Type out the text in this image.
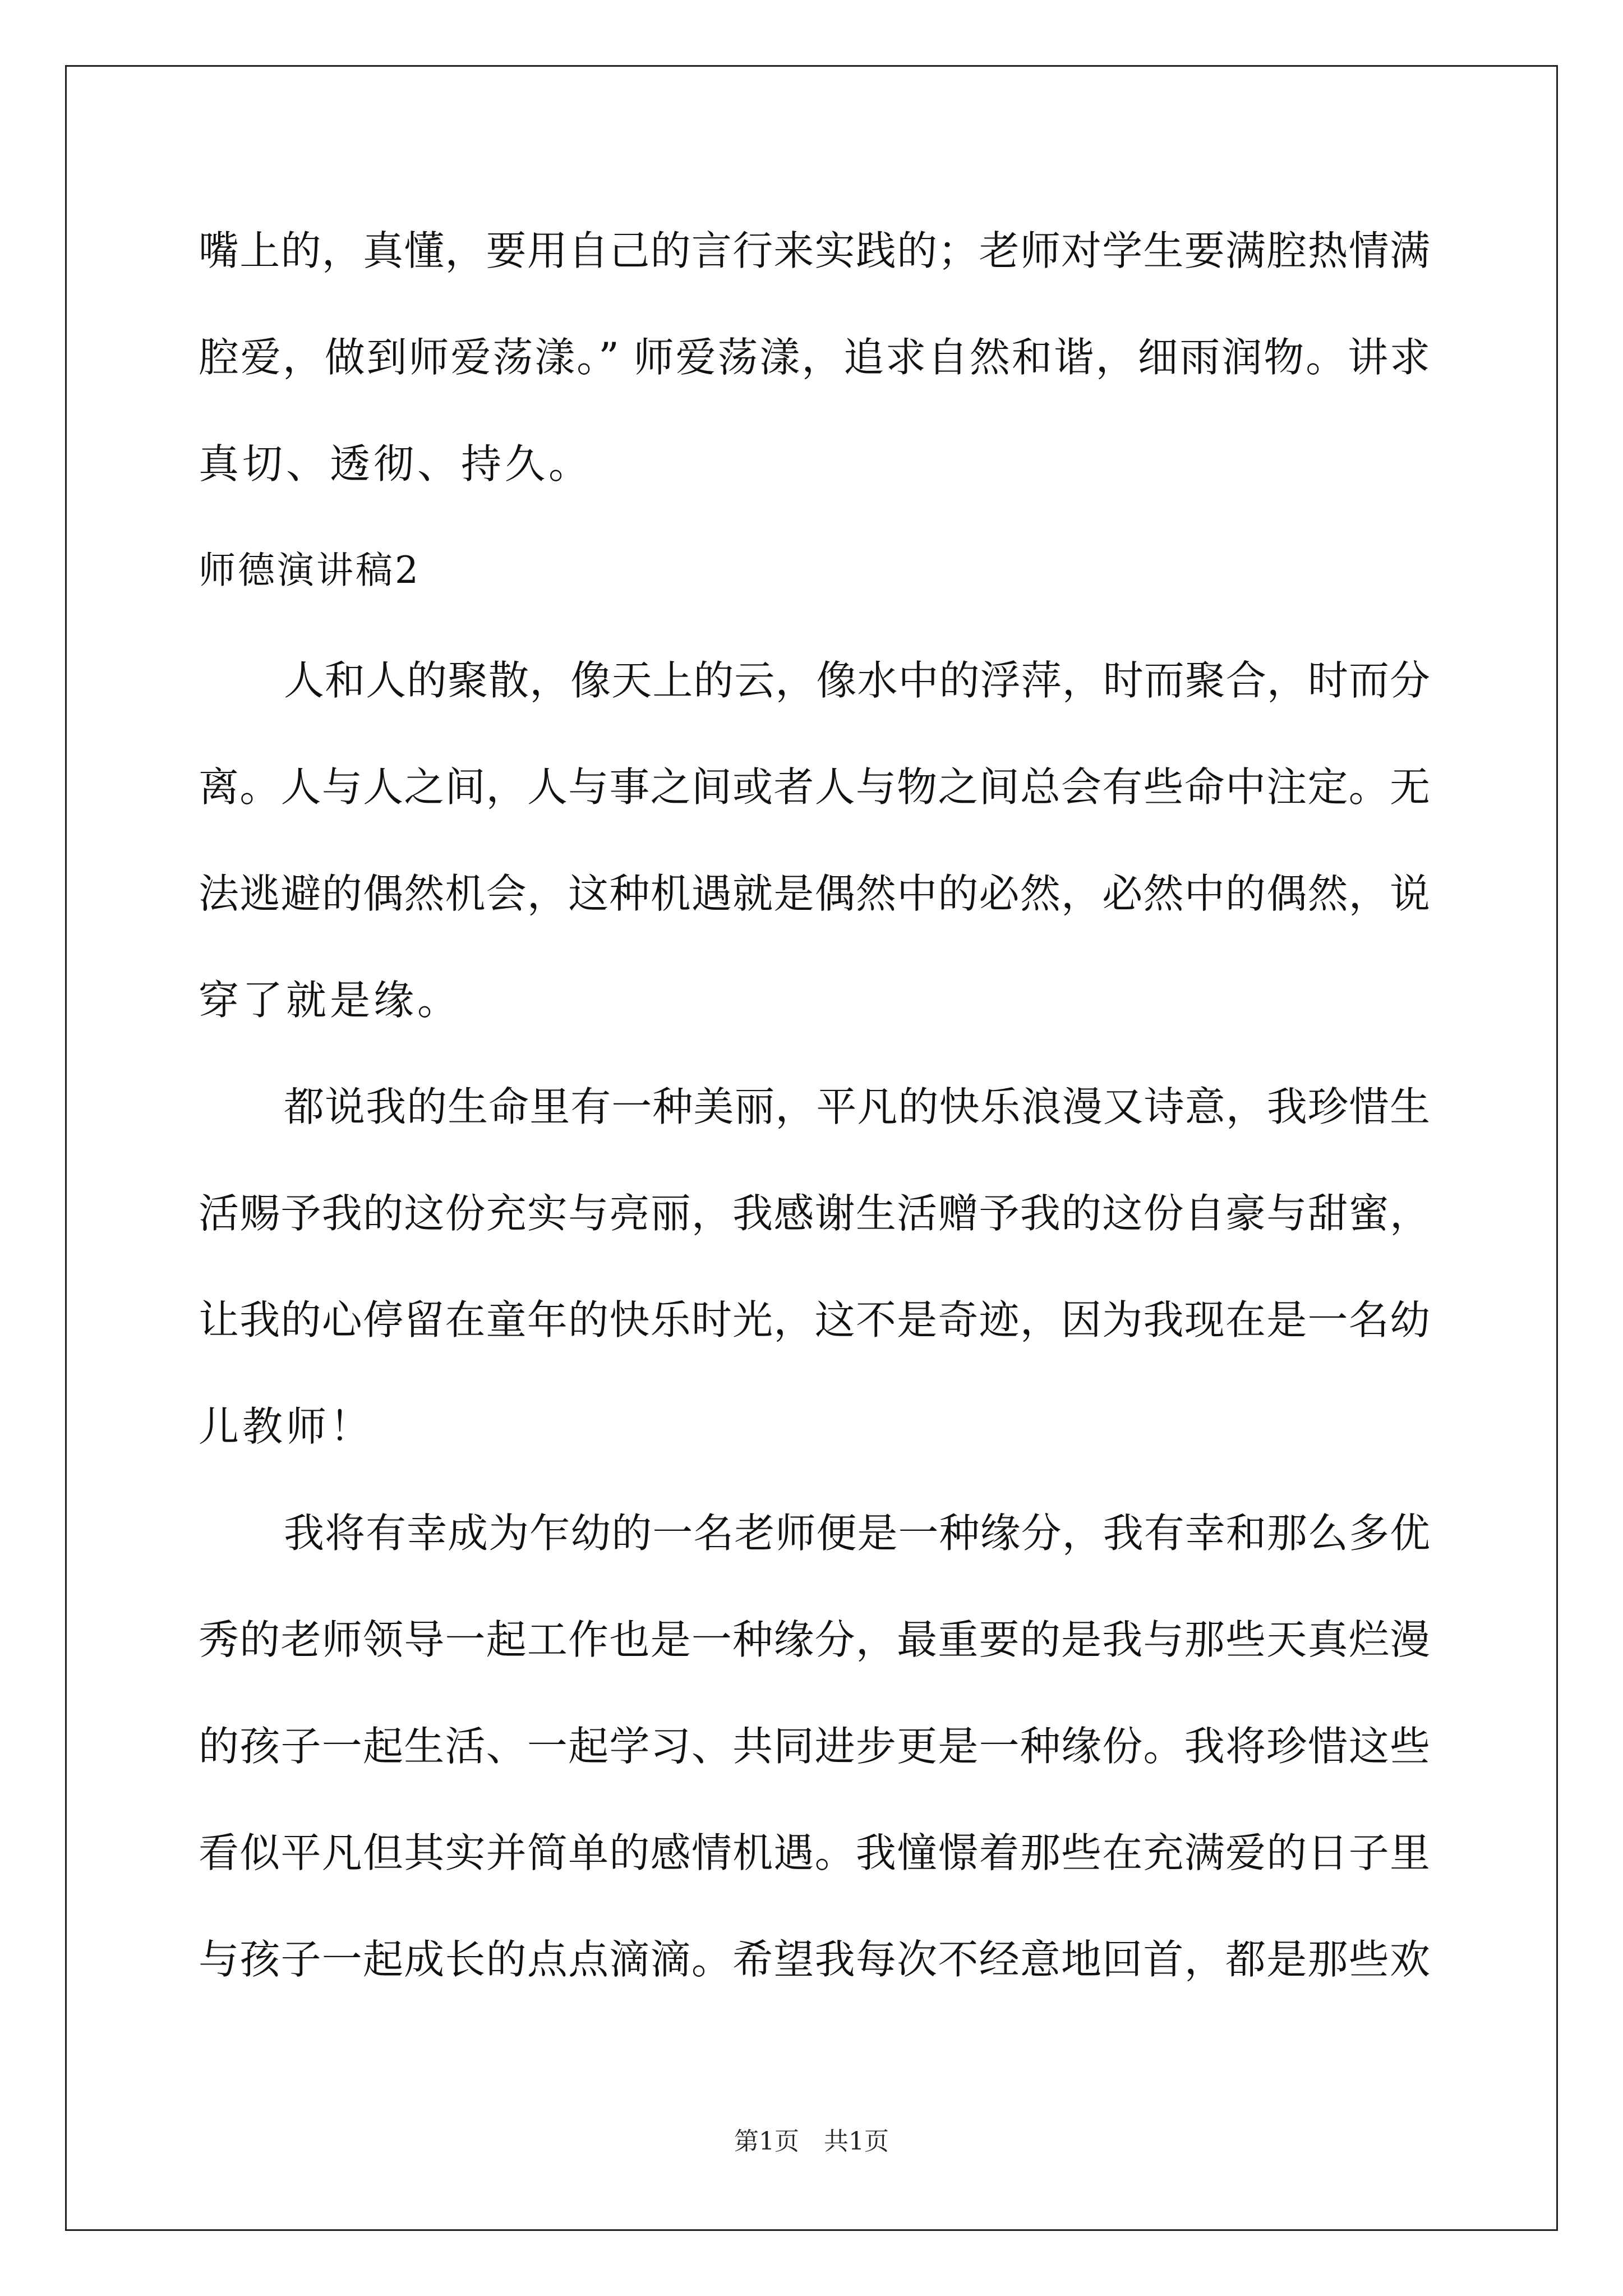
嘴上的，真懂，要用自己的言行来实践的；老师对学生要满腔热情满
腔爱，做到师爱荡漾。” 师爱荡漾，追求自然和谐，细雨润物。讲求
真切、透彻、持久。
师德演讲稿2
人和人的聚散，像天上的云，像水中的浮萍，时而聚合，时而分
离。人与人之间，人与事之间或者人与物之间总会有些命中注定。无
法逃避的偶然机会，这种机遇就是偶然中的必然，必然中的偶然，说
穿了就是缘。
都说我的生命里有一种美丽，平凡的快乐浪漫又诗意，我珍惜生
活赐予我的这份充实与亮丽，我感谢生活赠予我的这份自豪与甜蜜，
让我的心停留在童年的快乐时光，这不是奇迹，因为我现在是一名幼
儿教师！
我将有幸成为乍幼的一名老师便是一种缘分，我有幸和那么多优
秀的老师领导一起工作也是一种缘分，最重要的是我与那些天真烂漫
的孩子一起生活、一起学习、共同进步更是一种缘份。我将珍惜这些
看似平凡但其实并简单的感情机遇。我憧憬着那些在充满爱的日子里
与孩子一起成长的点点滴滴。希望我每次不经意地回首，都是那些欢
第1页 共1页
